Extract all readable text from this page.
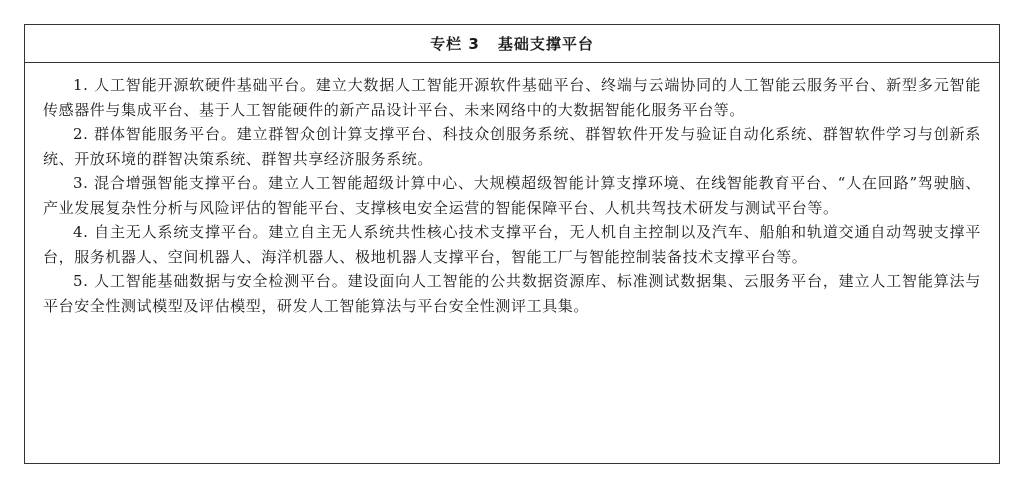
专栏 3 基础支撑平台

1. 人工智能开源软硬件基础平台。建立大数据人工智能开源软件基础平台、终端与云端协同的人工智能云服务平台、新型多元智能传感器件与集成平台、基于人工智能硬件的新产品设计平台、未来网络中的大数据智能化服务平台等。

2. 群体智能服务平台。建立群智众创计算支撑平台、科技众创服务系统、群智软件开发与验证自动化系统、群智软件学习与创新系统、开放环境的群智决策系统、群智共享经济服务系统。

3. 混合增强智能支撑平台。建立人工智能超级计算中心、大规模超级智能计算支撑环境、在线智能教育平台、“人在回路”驾驶脑、产业发展复杂性分析与风险评估的智能平台、支撑核电安全运营的智能保障平台、人机共驾技术研发与测试平台等。

4. 自主无人系统支撑平台。建立自主无人系统共性核心技术支撑平台，无人机自主控制以及汽车、船舶和轨道交通自动驾驶支撑平台，服务机器人、空间机器人、海洋机器人、极地机器人支撑平台，智能工厂与智能控制装备技术支撑平台等。

5. 人工智能基础数据与安全检测平台。建设面向人工智能的公共数据资源库、标准测试数据集、云服务平台，建立人工智能算法与平台安全性测试模型及评估模型，研发人工智能算法与平台安全性测评工具集。
